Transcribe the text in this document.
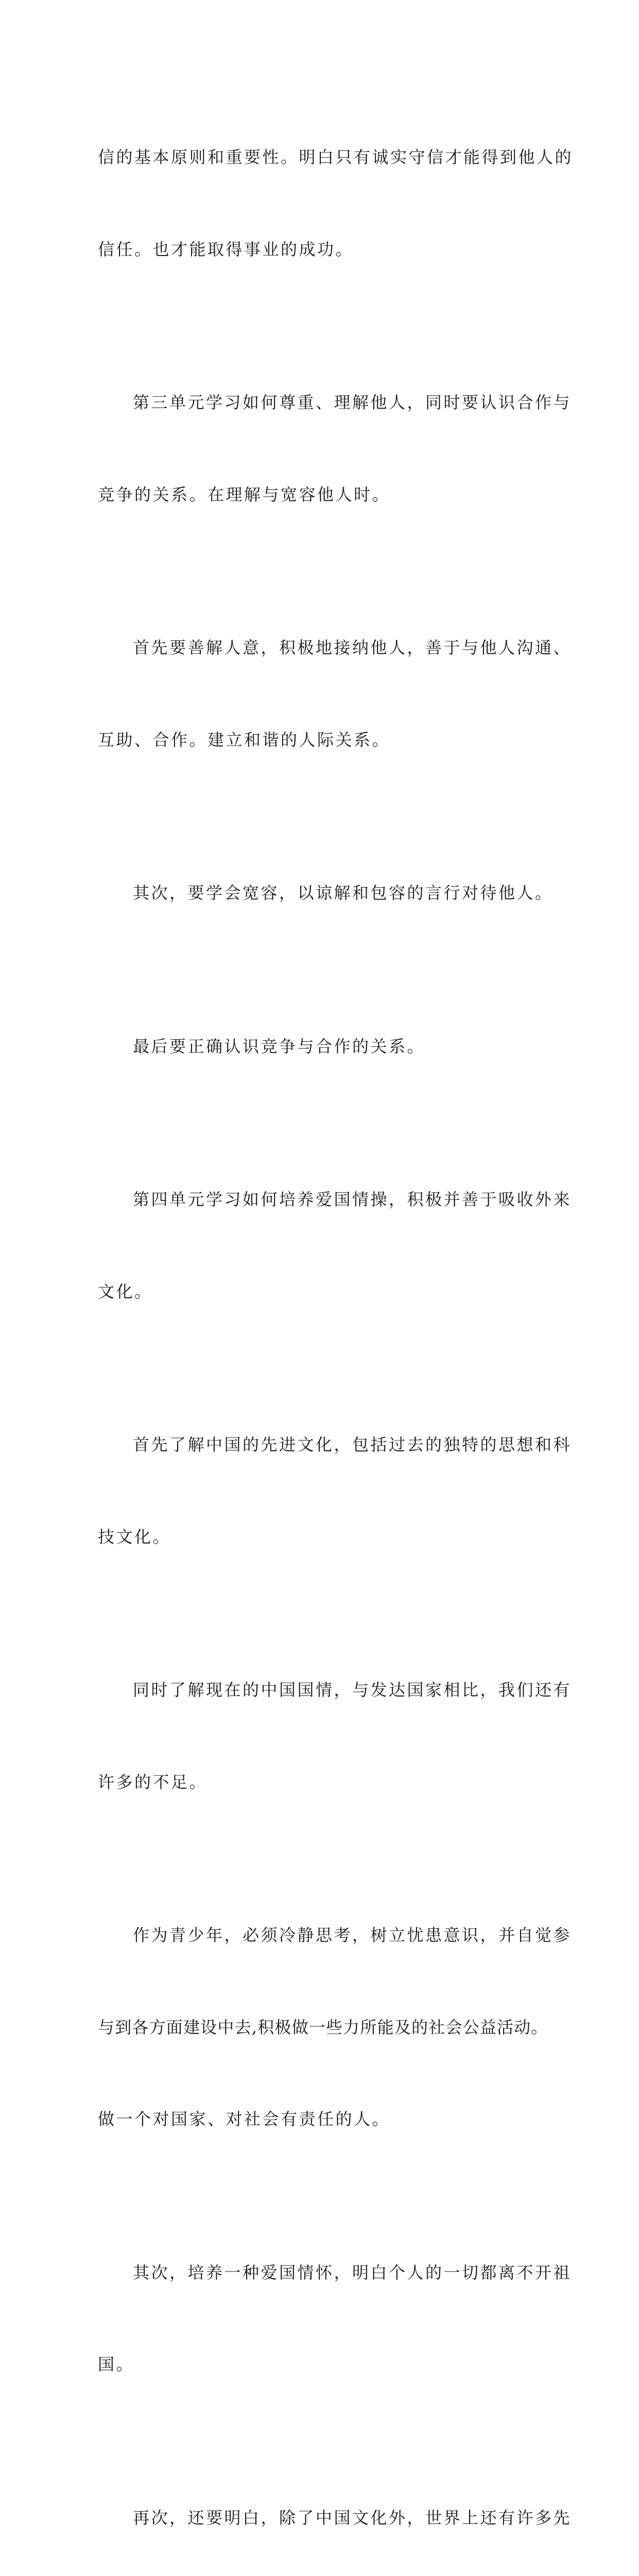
信的基本原则和重要性。明白只有诚实守信才能得到他人的

信任。也才能取得事业的成功。

第三单元学习如何尊重、理解他人，同时要认识合作与

竞争的关系。在理解与宽容他人时。

首先要善解人意，积极地接纳他人，善于与他人沟通、

互助、合作。建立和谐的人际关系。

其次，要学会宽容，以谅解和包容的言行对待他人。

最后要正确认识竞争与合作的关系。

第四单元学习如何培养爱国情操，积极并善于吸收外来

文化。

首先了解中国的先进文化，包括过去的独特的思想和科

技文化。

同时了解现在的中国国情，与发达国家相比，我们还有

许多的不足。

作为青少年，必须冷静思考，树立忧患意识，并自觉参

与到各方面建设中去,积极做一些力所能及的社会公益活动。

做一个对国家、对社会有责任的人。

其次，培养一种爱国情怀，明白个人的一切都离不开祖

国。

再次，还要明白，除了中国文化外，世界上还有许多先
